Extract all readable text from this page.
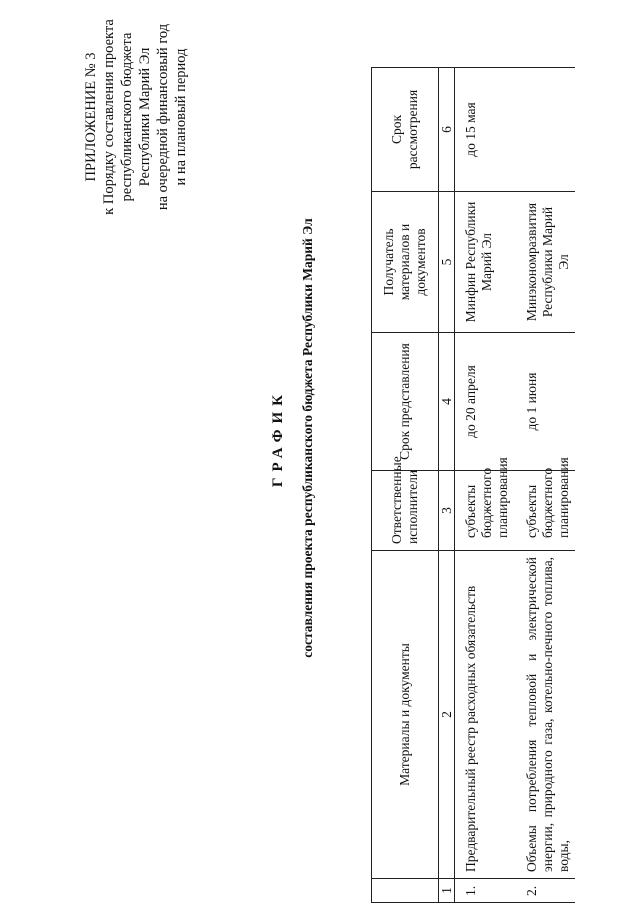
ПРИЛОЖЕНИЕ № 3 к Порядку составления проекта республиканского бюджета Республики Марий Эл на очередной финансовый год и на плановый период
ГРАФИК составления проекта республиканского бюджета Республики Марий Эл
	Материалы и документы	Ответственные исполнители	Срок представления	Получатель материалов и документов	Срок рассмотрения
1	2	3	4	5	6
1.	Предварительный реестр расходных обязательств	субъекты бюджетного планирования	до 20 апреля	Минфин Республики Марий Эл	до 15 мая
2.	Объемы потребления тепловой и электрической энергии, природного газа, котельно-печного топлива, воды,	субъекты бюджетного планирования	до 1 июня	Минэкономразвития Республики Марий Эл	
